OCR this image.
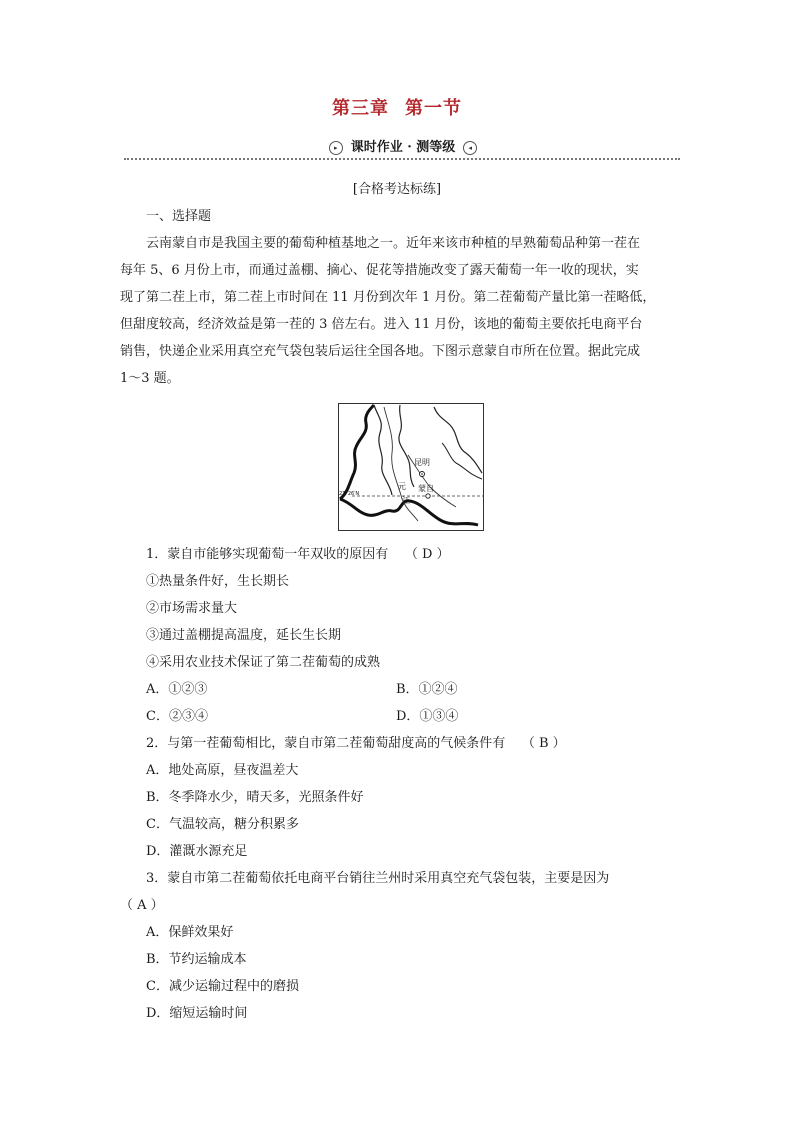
第三章 第一节
▸ 课时作业 · 测等级 ◂
[合格考达标练]

一、选择题

云南蒙自市是我国主要的葡萄种植基地之一。近年来该市种植的早熟葡萄品种第一茬在

每年 5、6 月份上市，而通过盖棚、摘心、促花等措施改变了露天葡萄一年一收的现状，实

现了第二茬上市，第二茬上市时间在 11 月份到次年 1 月份。第二茬葡萄产量比第一茬略低，

但甜度较高，经济效益是第一茬的 3 倍左右。进入 11 月份，该地的葡萄主要依托电商平台

销售，快递企业采用真空充气袋包装后运往全国各地。下图示意蒙自市所在位置。据此完成

1～3 题。

昆明
蒙自
元
江
23°26′N

1．蒙自市能够实现葡萄一年双收的原因有 （ D ）

①热量条件好，生长期长

②市场需求量大

③通过盖棚提高温度，延长生长期

④采用农业技术保证了第二茬葡萄的成熟

A．①②③	B．①②④

C．②③④	D．①③④

2．与第一茬葡萄相比，蒙自市第二茬葡萄甜度高的气候条件有 （ B ）

A．地处高原，昼夜温差大

B．冬季降水少，晴天多，光照条件好

C．气温较高，糖分积累多

D．灌溉水源充足

3．蒙自市第二茬葡萄依托电商平台销往兰州时采用真空充气袋包装，主要是因为

（ A ）

A．保鲜效果好

B．节约运输成本

C．减少运输过程中的磨损

D．缩短运输时间
